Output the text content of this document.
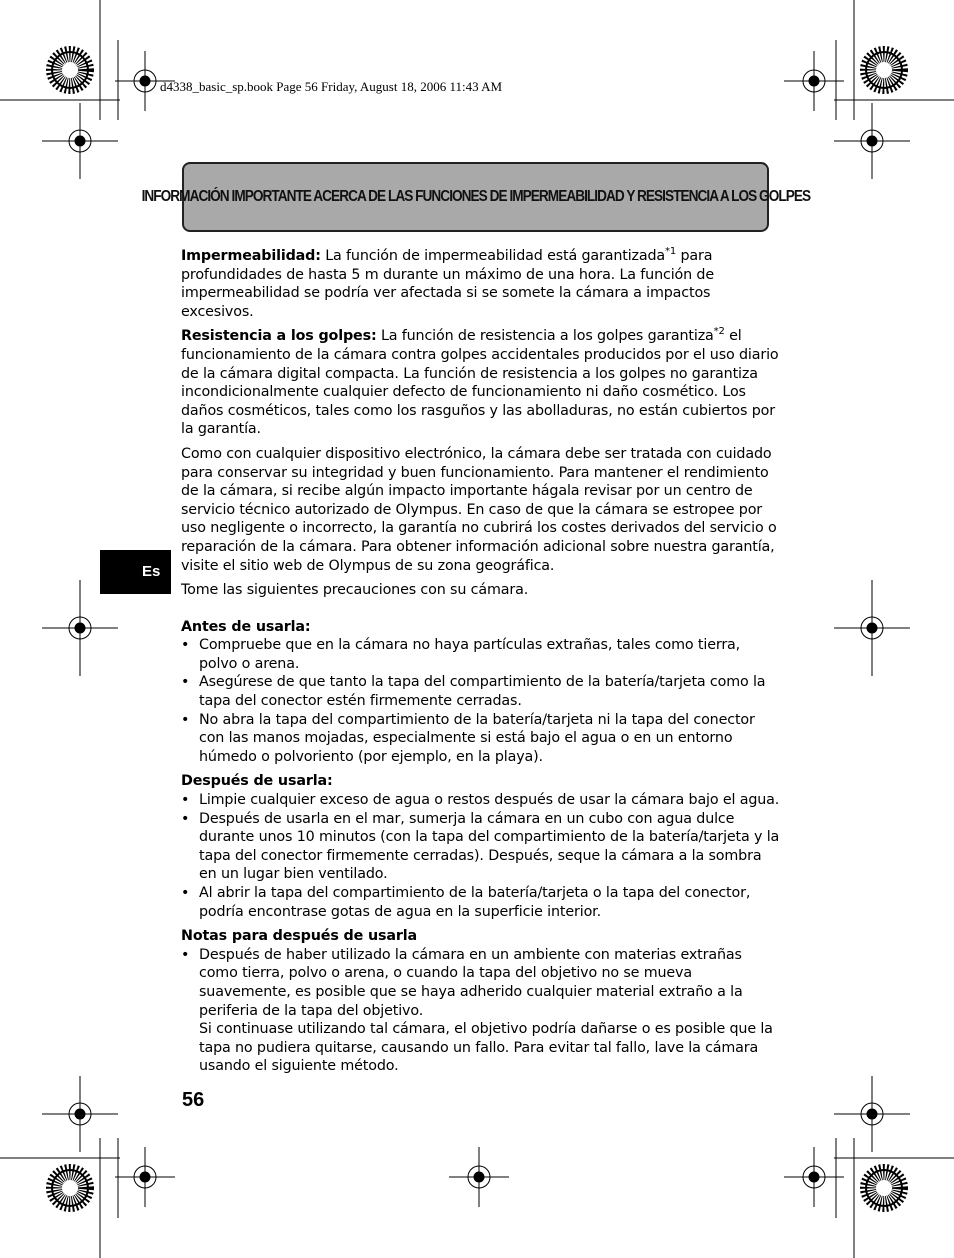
d4338_basic_sp.book Page 56 Friday, August 18, 2006 11:43 AM
INFORMACIÓN IMPORTANTE ACERCA DE LAS FUNCIONES DE IMPERMEABILIDAD Y RESISTENCIA A LOS GOLPES
Es

Impermeabilidad: La función de impermeabilidad está garantizada$^{*1}$ para profundidades de hasta 5 m durante un máximo de una hora. La función de impermeabilidad se podría ver afectada si se somete la cámara a impactos excesivos.

Resistencia a los golpes: La función de resistencia a los golpes garantiza$^{*2}$ el funcionamiento de la cámara contra golpes accidentales producidos por el uso diario de la cámara digital compacta. La función de resistencia a los golpes no garantiza incondicionalmente cualquier defecto de funcionamiento ni daño cosmético. Los daños cosméticos, tales como los rasguños y las abolladuras, no están cubiertos por la garantía.

Como con cualquier dispositivo electrónico, la cámara debe ser tratada con cuidado para conservar su integridad y buen funcionamiento. Para mantener el rendimiento de la cámara, si recibe algún impacto importante hágala revisar por un centro de servicio técnico autorizado de Olympus. En caso de que la cámara se estropee por uso negligente o incorrecto, la garantía no cubrirá los costes derivados del servicio o reparación de la cámara. Para obtener información adicional sobre nuestra garantía, visite el sitio web de Olympus de su zona geográfica.

Tome las siguientes precauciones con su cámara.

Antes de usarla:
• Compruebe que en la cámara no haya partículas extrañas, tales como tierra, polvo o arena.
• Asegúrese de que tanto la tapa del compartimiento de la batería/tarjeta como la tapa del conector estén firmemente cerradas.
• No abra la tapa del compartimiento de la batería/tarjeta ni la tapa del conector con las manos mojadas, especialmente si está bajo el agua o en un entorno húmedo o polvoriento (por ejemplo, en la playa).
Después de usarla:
• Limpie cualquier exceso de agua o restos después de usar la cámara bajo el agua.
• Después de usarla en el mar, sumerja la cámara en un cubo con agua dulce durante unos 10 minutos (con la tapa del compartimiento de la batería/tarjeta y la tapa del conector firmemente cerradas). Después, seque la cámara a la sombra en un lugar bien ventilado.
• Al abrir la tapa del compartimiento de la batería/tarjeta o la tapa del conector, podría encontrase gotas de agua en la superficie interior.
Notas para después de usarla
• Después de haber utilizado la cámara en un ambiente con materias extrañas como tierra, polvo o arena, o cuando la tapa del objetivo no se mueva suavemente, es posible que se haya adherido cualquier material extraño a la periferia de la tapa del objetivo.
Si continuase utilizando tal cámara, el objetivo podría dañarse o es posible que la tapa no pudiera quitarse, causando un fallo. Para evitar tal fallo, lave la cámara usando el siguiente método.
56
